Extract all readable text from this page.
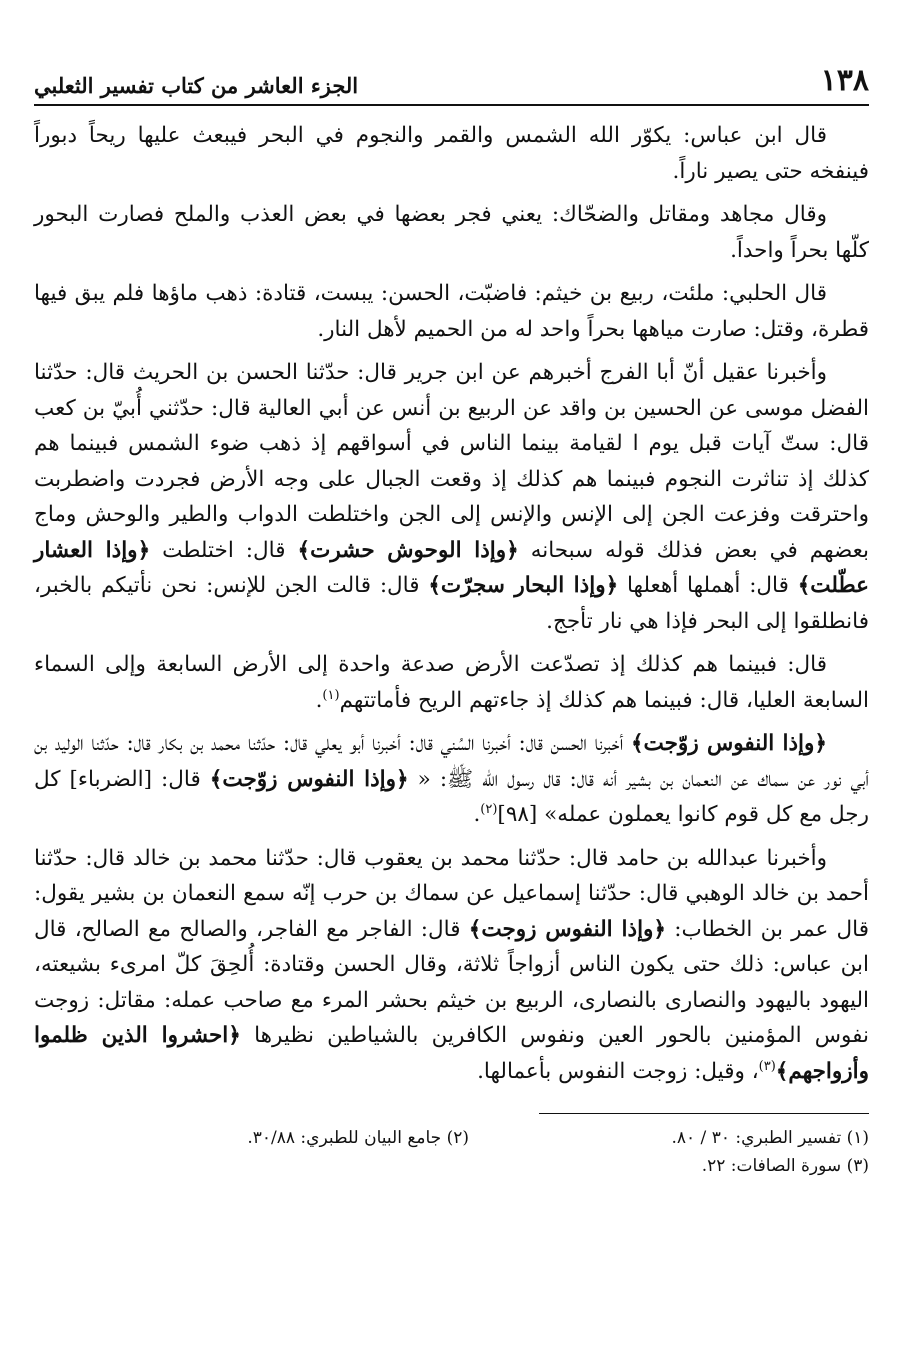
١٣٨
الجزء العاشر من كتاب تفسير الثعلبي

قال ابن عباس: يكوّر الله الشمس والقمر والنجوم في البحر فيبعث عليها ريحاً دبوراً فينفخه حتى يصير ناراً.

وقال مجاهد ومقاتل والضحّاك: يعني فجر بعضها في بعض العذب والملح فصارت البحور كلّها بحراً واحداً.

قال الحلبي: ملئت، ربيع بن خيثم: فاضبّت، الحسن: يبست، قتادة: ذهب ماؤها فلم يبق فيها قطرة، وقتل: صارت مياهها بحراً واحد له من الحميم لأهل النار.

وأخبرنا عقيل أنّ أبا الفرج أخبرهم عن ابن جرير قال: حدّثنا الحسن بن الحريث قال: حدّثنا الفضل موسى عن الحسين بن واقد عن الربيع بن أنس عن أبي العالية قال: حدّثني أُبيّ بن كعب قال: ستّ آيات قبل يوم ا لقيامة بينما الناس في أسواقهم إذ ذهب ضوء الشمس فبينما هم كذلك إذ تناثرت النجوم فبينما هم كذلك إذ وقعت الجبال على وجه الأرض فجردت واضطربت واحترقت وفزعت الجن إلى الإنس والإنس إلى الجن واختلطت الدواب والطير والوحش وماج بعضهم في بعض فذلك قوله سبحانه ﴿وإذا الوحوش حشرت﴾ قال: اختلطت ﴿وإذا العشار عطّلت﴾ قال: أهملها أهعلها ﴿وإذا البحار سجرّت﴾ قال: قالت الجن للإنس: نحن نأتيكم بالخبر، فانطلقوا إلى البحر فإذا هي نار تأجج.

قال: فبينما هم كذلك إذ تصدّعت الأرض صدعة واحدة إلى الأرض السابعة وإلى السماء السابعة العليا، قال: فبينما هم كذلك إذ جاءتهم الريح فأماتتهم$^{(١)}$.

﴿وإذا النفوس زوّجت﴾ أخبرنا الحسن قال: أخبرنا السُني قال: أخبرنا أبو يعلي قال: حدّثنا محمد بن بكار قال: حدّثنا الوليد بن أبي نور عن سماك عن النعمان بن بشير أنه قال: قال رسول الله ﷺ: « ﴿وإذا النفوس زوّجت﴾ قال: [الضرباء] كل رجل مع كل قوم كانوا يعملون عمله» [٩٨]$^{(٢)}$.

وأخبرنا عبدالله بن حامد قال: حدّثنا محمد بن يعقوب قال: حدّثنا محمد بن خالد قال: حدّثنا أحمد بن خالد الوهبي قال: حدّثنا إسماعيل عن سماك بن حرب إنّه سمع النعمان بن بشير يقول: قال عمر بن الخطاب: ﴿وإذا النفوس زوجت﴾ قال: الفاجر مع الفاجر، والصالح مع الصالح، قال ابن عباس: ذلك حتى يكون الناس أزواجاً ثلاثة، وقال الحسن وقتادة: أُلحِقَ كلّ امرىء بشيعته، اليهود باليهود والنصارى بالنصارى، الربيع بن خيثم بحشر المرء مع صاحب عمله: مقاتل: زوجت نفوس المؤمنين بالحور العين ونفوس الكافرين بالشياطين نظيرها ﴿احشروا الذين ظلموا وأزواجهم﴾$^{(٣)}$، وقيل: زوجت النفوس بأعمالها.

(١) تفسير الطبري: ٣٠ / ٨٠.
(٢) جامع البيان للطبري: ٣٠/٨٨.
(٣) سورة الصافات: ٢٢.
